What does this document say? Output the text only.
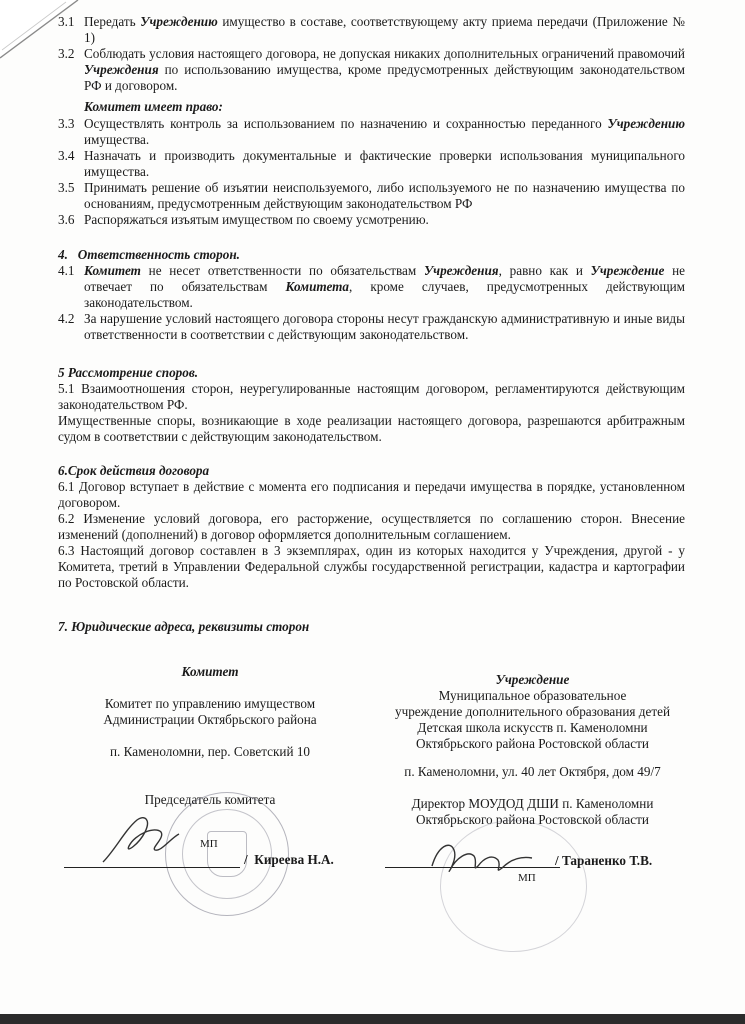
3.1 Передать Учреждению имущество в составе, соответствующему акту приема передачи (Приложение № 1)
3.2 Соблюдать условия настоящего договора, не допуская никаких дополнительных ограничений правомочий Учреждения по использованию имущества, кроме предусмотренных действующим законодательством РФ и договором.
Комитет имеет право:
3.3 Осуществлять контроль за использованием по назначению и сохранностью переданного Учреждению имущества.
3.4 Назначать и производить документальные и фактические проверки использования муниципального имущества.
3.5 Принимать решение об изъятии неиспользуемого, либо используемого не по назначению имущества по основаниям, предусмотренным действующим законодательством РФ
3.6 Распоряжаться изъятым имуществом по своему усмотрению.
4.   Ответственность сторон.
4.1 Комитет не несет ответственности по обязательствам Учреждения, равно как и Учреждение не отвечает по обязательствам Комитета, кроме случаев, предусмотренных действующим законодательством.
4.2 За нарушение условий настоящего договора стороны несут гражданскую административную и иные виды ответственности в соответствии с действующим законодательством.
5 Рассмотрение споров.
5.1 Взаимоотношения сторон, неурегулированные настоящим договором, регламентируются действующим законодательством РФ.
Имущественные споры, возникающие в ходе реализации настоящего договора, разрешаются арбитражным судом в соответствии с действующим законодательством.
6.Срок действия договора
6.1 Договор вступает в действие с момента его подписания и передачи имущества в порядке, установленном договором.
6.2 Изменение условий договора, его расторжение, осуществляется по соглашению сторон. Внесение изменений (дополнений) в договор оформляется дополнительным соглашением.
6.3 Настоящий договор составлен в 3 экземплярах, один из которых находится у Учреждения, другой - у Комитета, третий в Управлении Федеральной службы государственной регистрации, кадастра и картографии по Ростовской области.
7. Юридические адреса, реквизиты сторон
Комитет
Комитет по управлению имуществом
Администрации Октябрьского района
п. Каменоломни, пер. Советский 10
Председатель комитета
Учреждение
Муниципальное образовательное
учреждение дополнительного образования детей
Детская школа искусств п. Каменоломни
Октябрьского района Ростовской области
п. Каменоломни, ул. 40 лет Октября, дом 49/7
Директор МОУДОД ДШИ п. Каменоломни
Октябрьского района Ростовской области
МП
/  Киреева Н.А.
МП
/ Тараненко Т.В.
